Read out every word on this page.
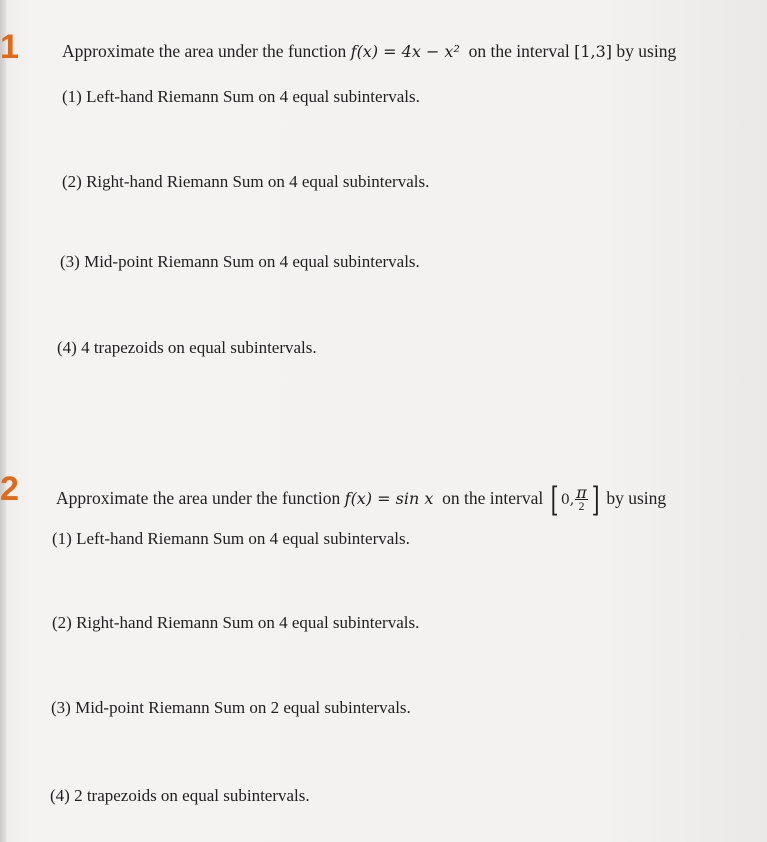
1 Approximate the area under the function f(x) = 4x − x² on the interval [1,3] by using
(1) Left-hand Riemann Sum on 4 equal subintervals.
(2) Right-hand Riemann Sum on 4 equal subintervals.
(3) Mid-point Riemann Sum on 4 equal subintervals.
(4) 4 trapezoids on equal subintervals.
2 Approximate the area under the function f(x) = sin x on the interval [ 0, $\frac{\pi}{2}$ ] by using
(1) Left-hand Riemann Sum on 4 equal subintervals.
(2) Right-hand Riemann Sum on 4 equal subintervals.
(3) Mid-point Riemann Sum on 2 equal subintervals.
(4) 2 trapezoids on equal subintervals.
